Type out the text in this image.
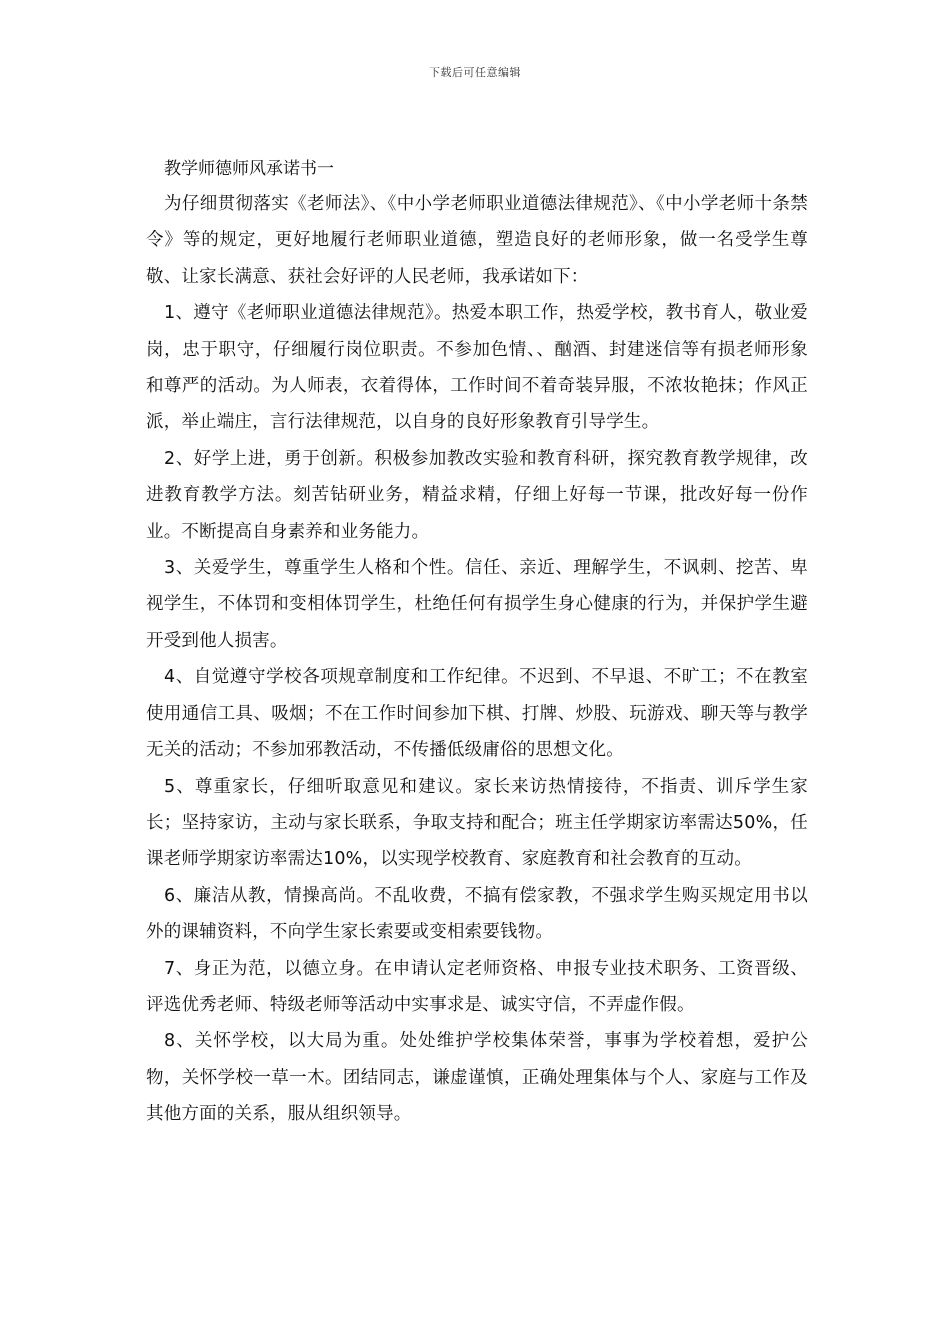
下载后可任意编辑

教学师德师风承诺书一

为仔细贯彻落实《老师法》、《中小学老师职业道德法律规范》、《中小学老师十条禁令》等的规定，更好地履行老师职业道德，塑造良好的老师形象，做一名受学生尊敬、让家长满意、获社会好评的人民老师，我承诺如下：

1、遵守《老师职业道德法律规范》。热爱本职工作，热爱学校，教书育人，敬业爱岗，忠于职守，仔细履行岗位职责。不参加色情、、酗酒、封建迷信等有损老师形象和尊严的活动。为人师表，衣着得体，工作时间不着奇装异服，不浓妆艳抹；作风正派，举止端庄，言行法律规范，以自身的良好形象教育引导学生。

2、好学上进，勇于创新。积极参加教改实验和教育科研，探究教育教学规律，改进教育教学方法。刻苦钻研业务，精益求精，仔细上好每一节课，批改好每一份作业。不断提高自身素养和业务能力。

3、关爱学生，尊重学生人格和个性。信任、亲近、理解学生，不讽刺、挖苦、卑视学生，不体罚和变相体罚学生，杜绝任何有损学生身心健康的行为，并保护学生避开受到他人损害。

4、自觉遵守学校各项规章制度和工作纪律。不迟到、不早退、不旷工；不在教室使用通信工具、吸烟；不在工作时间参加下棋、打牌、炒股、玩游戏、聊天等与教学无关的活动；不参加邪教活动，不传播低级庸俗的思想文化。

5、尊重家长，仔细听取意见和建议。家长来访热情接待，不指责、训斥学生家长；坚持家访，主动与家长联系，争取支持和配合；班主任学期家访率需达50%，任课老师学期家访率需达10%，以实现学校教育、家庭教育和社会教育的互动。

6、廉洁从教，情操高尚。不乱收费，不搞有偿家教，不强求学生购买规定用书以外的课辅资料，不向学生家长索要或变相索要钱物。

7、身正为范，以德立身。在申请认定老师资格、申报专业技术职务、工资晋级、评选优秀老师、特级老师等活动中实事求是、诚实守信，不弄虚作假。

8、关怀学校，以大局为重。处处维护学校集体荣誉，事事为学校着想，爱护公物，关怀学校一草一木。团结同志，谦虚谨慎，正确处理集体与个人、家庭与工作及其他方面的关系，服从组织领导。
